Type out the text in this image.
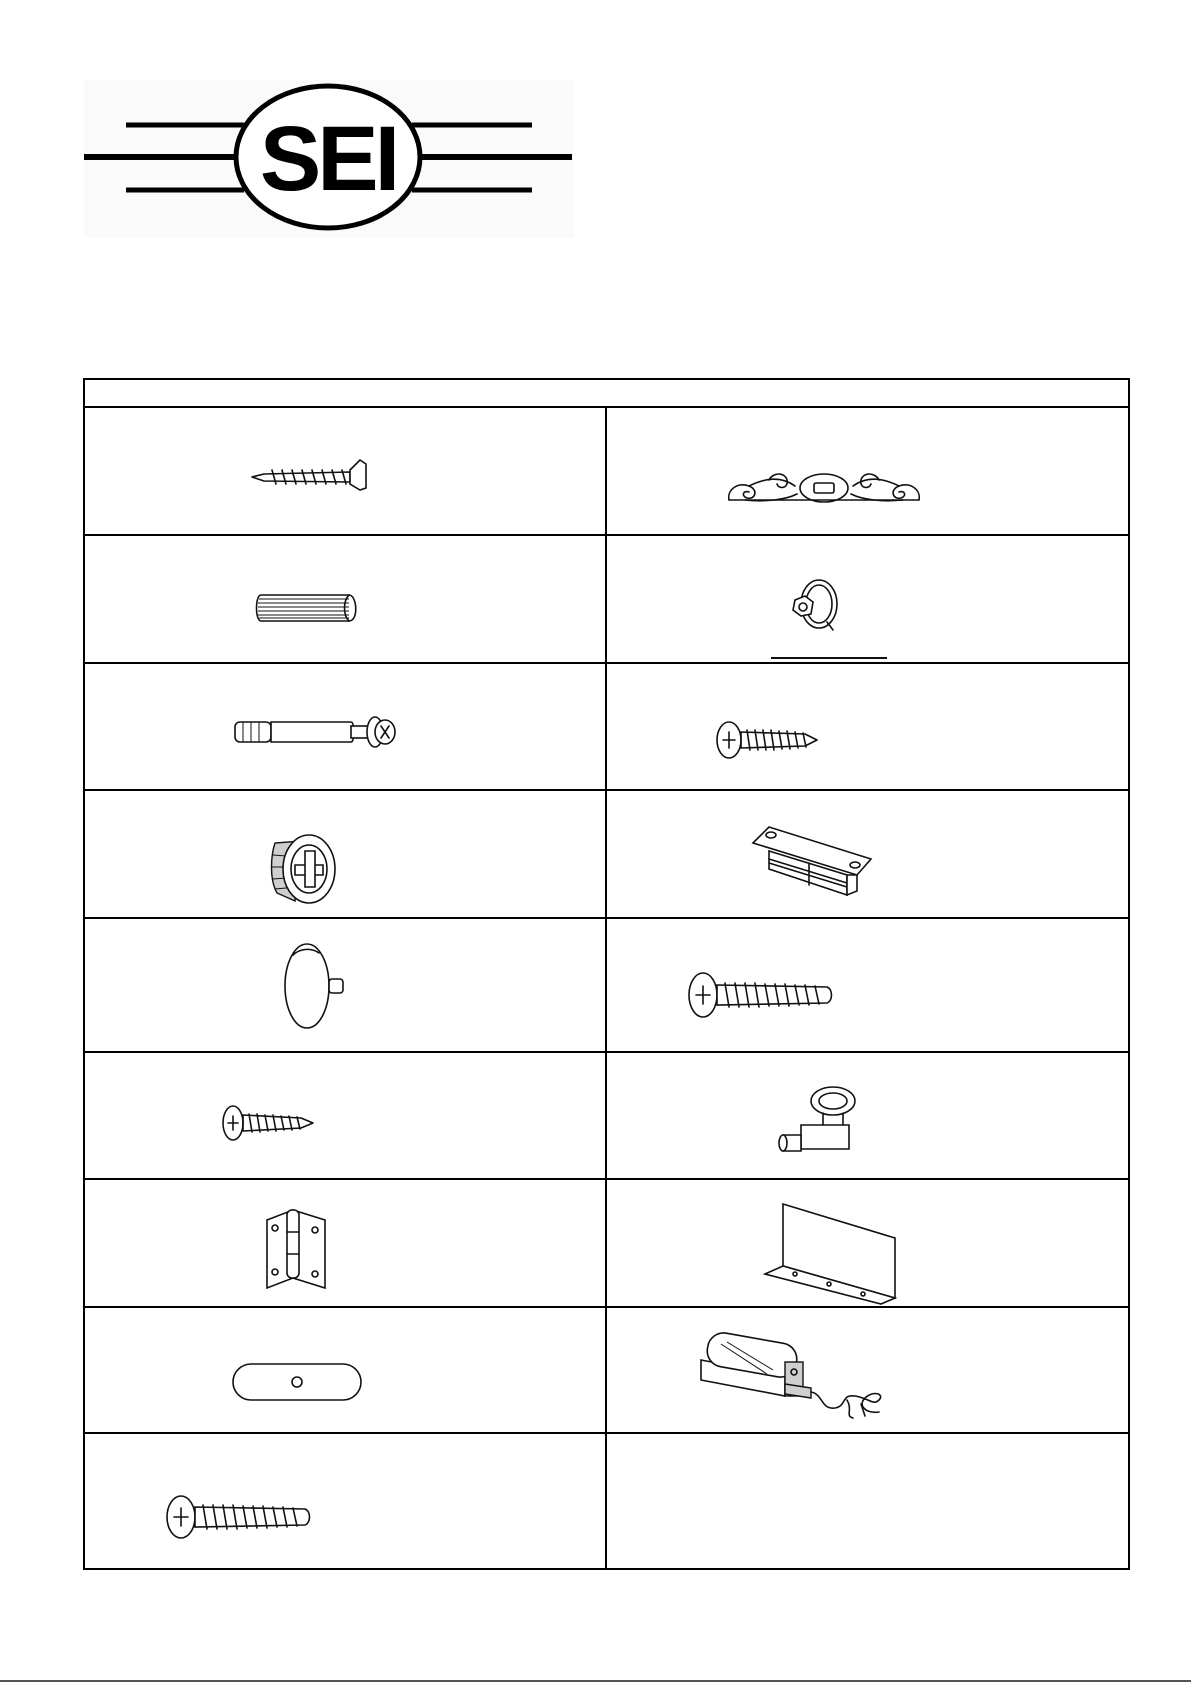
SEI
